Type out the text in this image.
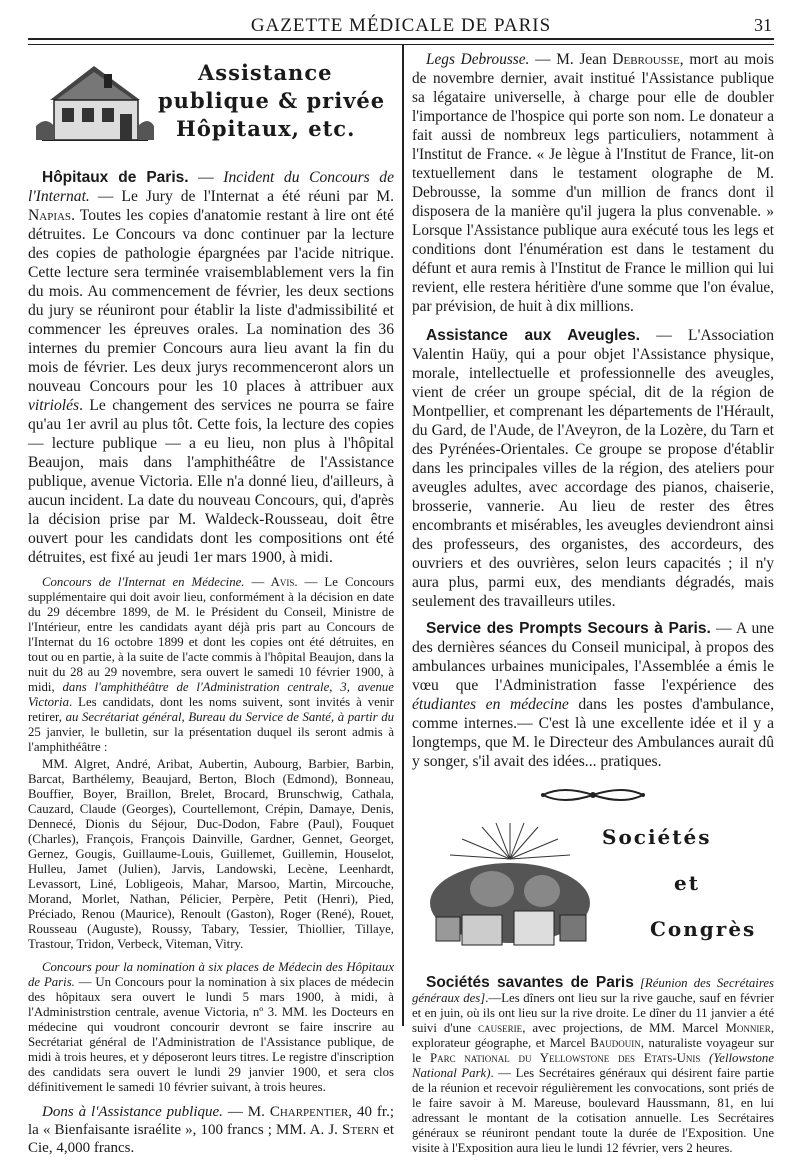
GAZETTE MÉDICALE DE PARIS	31
Assistance
publique & privée
Hôpitaux, etc.

Hôpitaux de Paris. — Incident du Concours de l'Internat. — Le Jury de l'Internat a été réuni par M. Napias. Toutes les copies d'anatomie restant à lire ont été détruites. Le Concours va donc continuer par la lecture des copies de pathologie épargnées par l'acide nitrique. Cette lecture sera terminée vraisemblablement vers la fin du mois. Au commencement de février, les deux sections du jury se réuniront pour établir la liste d'admissibilité et commencer les épreuves orales. La nomination des 36 internes du premier Concours aura lieu avant la fin du mois de février. Les deux jurys recommenceront alors un nouveau Concours pour les 10 places à attribuer aux vitriolés. Le changement des services ne pourra se faire qu'au 1er avril au plus tôt. Cette fois, la lecture des copies — lecture publique — a eu lieu, non plus à l'hôpital Beaujon, mais dans l'amphithéâtre de l'Assistance publique, avenue Victoria. Elle n'a donné lieu, d'ailleurs, à aucun incident. La date du nouveau Concours, qui, d'après la décision prise par M. Waldeck-Rousseau, doit être ouvert pour les candidats dont les compositions ont été détruites, est fixé au jeudi 1er mars 1900, à midi.

Concours de l'Internat en Médecine. — Avis. — Le Concours supplémentaire qui doit avoir lieu, conformément à la décision en date du 29 décembre 1899, de M. le Président du Conseil, Ministre de l'Intérieur, entre les candidats ayant déjà pris part au Concours de l'Internat du 16 octobre 1899 et dont les copies ont été détruites, en tout ou en partie, à la suite de l'acte commis à l'hôpital Beaujon, dans la nuit du 28 au 29 novembre, sera ouvert le samedi 10 février 1900, à midi, dans l'amphithéâtre de l'Administration centrale, 3, avenue Victoria. Les candidats, dont les noms suivent, sont invités à venir retirer, au Secrétariat général, Bureau du Service de Santé, à partir du 25 janvier, le bulletin, sur la présentation duquel ils seront admis à l'amphithéâtre :

MM. Algret, André, Aribat, Aubertin, Aubourg, Barbier, Barbin, Barcat, Barthélemy, Beaujard, Berton, Bloch (Edmond), Bonneau, Bouffier, Boyer, Braillon, Brelet, Brocard, Brunschwig, Cathala, Cauzard, Claude (Georges), Courtellemont, Crépin, Damaye, Denis, Dennecé, Dionis du Séjour, Duc-Dodon, Fabre (Paul), Fouquet (Charles), François, François Dainville, Gardner, Gennet, Georget, Gernez, Gougis, Guillaume-Louis, Guillemet, Guillemin, Houselot, Hulleu, Jamet (Julien), Jarvis, Landowski, Lecène, Leenhardt, Levassort, Liné, Lobligeois, Mahar, Marsoo, Martin, Mircouche, Morand, Morlet, Nathan, Pélicier, Perpère, Petit (Henri), Pied, Préciado, Renou (Maurice), Renoult (Gaston), Roger (René), Rouet, Rousseau (Auguste), Roussy, Tabary, Tessier, Thiollier, Tillaye, Trastour, Tridon, Verbeck, Viteman, Vitry.

Concours pour la nomination à six places de Médecin des Hôpitaux de Paris. — Un Concours pour la nomination à six places de médecin des hôpitaux sera ouvert le lundi 5 mars 1900, à midi, à l'Administrstion centrale, avenue Victoria, nº 3. MM. les Docteurs en médecine qui voudront concourir devront se faire inscrire au Secrétariat général de l'Administration de l'Assistance publique, de midi à trois heures, et y déposeront leurs titres. Le registre d'inscription des candidats sera ouvert le lundi 29 janvier 1900, et sera clos définitivement le samedi 10 février suivant, à trois heures.

Dons à l'Assistance publique. — M. Charpentier, 40 fr.; la « Bienfaisante israélite », 100 francs ; MM. A. J. Stern et Cie, 4,000 francs.

Legs Debrousse. — M. Jean Debrousse, mort au mois de novembre dernier, avait institué l'Assistance publique sa légataire universelle, à charge pour elle de doubler l'importance de l'hospice qui porte son nom. Le donateur a fait aussi de nombreux legs particuliers, notamment à l'Institut de France. « Je lègue à l'Institut de France, lit-on textuellement dans le testament olographe de M. Debrousse, la somme d'un million de francs dont il disposera de la manière qu'il jugera la plus convenable. » Lorsque l'Assistance publique aura exécuté tous les legs et conditions dont l'énumération est dans le testament du défunt et aura remis à l'Institut de France le million qui lui revient, elle restera héritière d'une somme que l'on évalue, par prévision, de huit à dix millions.

Assistance aux Aveugles. — L'Association Valentin Haüy, qui a pour objet l'Assistance physique, morale, intellectuelle et professionnelle des aveugles, vient de créer un groupe spécial, dit de la région de Montpellier, et comprenant les départements de l'Hérault, du Gard, de l'Aude, de l'Aveyron, de la Lozère, du Tarn et des Pyrénées-Orientales. Ce groupe se propose d'établir dans les principales villes de la région, des ateliers pour aveugles adultes, avec accordage des pianos, chaiserie, brosserie, vannerie. Au lieu de rester des êtres encombrants et misérables, les aveugles deviendront ainsi des professeurs, des organistes, des accordeurs, des ouvriers et des ouvrières, selon leurs capacités ; il n'y aura plus, parmi eux, des mendiants dégradés, mais seulement des travailleurs utiles.

Service des Prompts Secours à Paris. — A une des dernières séances du Conseil municipal, à propos des ambulances urbaines municipales, l'Assemblée a émis le vœu que l'Administration fasse l'expérience des étudiantes en médecine dans les postes d'ambulance, comme internes.— C'est là une excellente idée et il y a longtemps, que M. le Directeur des Ambulances aurait dû y songer, s'il avait des idées... pratiques.

Sociétés
et
Congrès

Sociétés savantes de Paris [Réunion des Secrétaires généraux des].—Les dîners ont lieu sur la rive gauche, sauf en février et en juin, où ils ont lieu sur la rive droite. Le dîner du 11 janvier a été suivi d'une causerie, avec projections, de MM. Marcel Monnier, explorateur géographe, et Marcel Baudouin, naturaliste voyageur sur le Parc national du Yellowstone des Etats-Unis (Yellowstone National Park). — Les Secrétaires généraux qui désirent faire partie de la réunion et recevoir régulièrement les convocations, sont priés de le faire savoir à M. Mareuse, boulevard Haussmann, 81, en lui adressant le montant de la cotisation annuelle. Les Secrétaires généraux se réuniront pendant toute la durée de l'Exposition. Une visite à l'Exposition aura lieu le lundi 12 février, vers 2 heures.
